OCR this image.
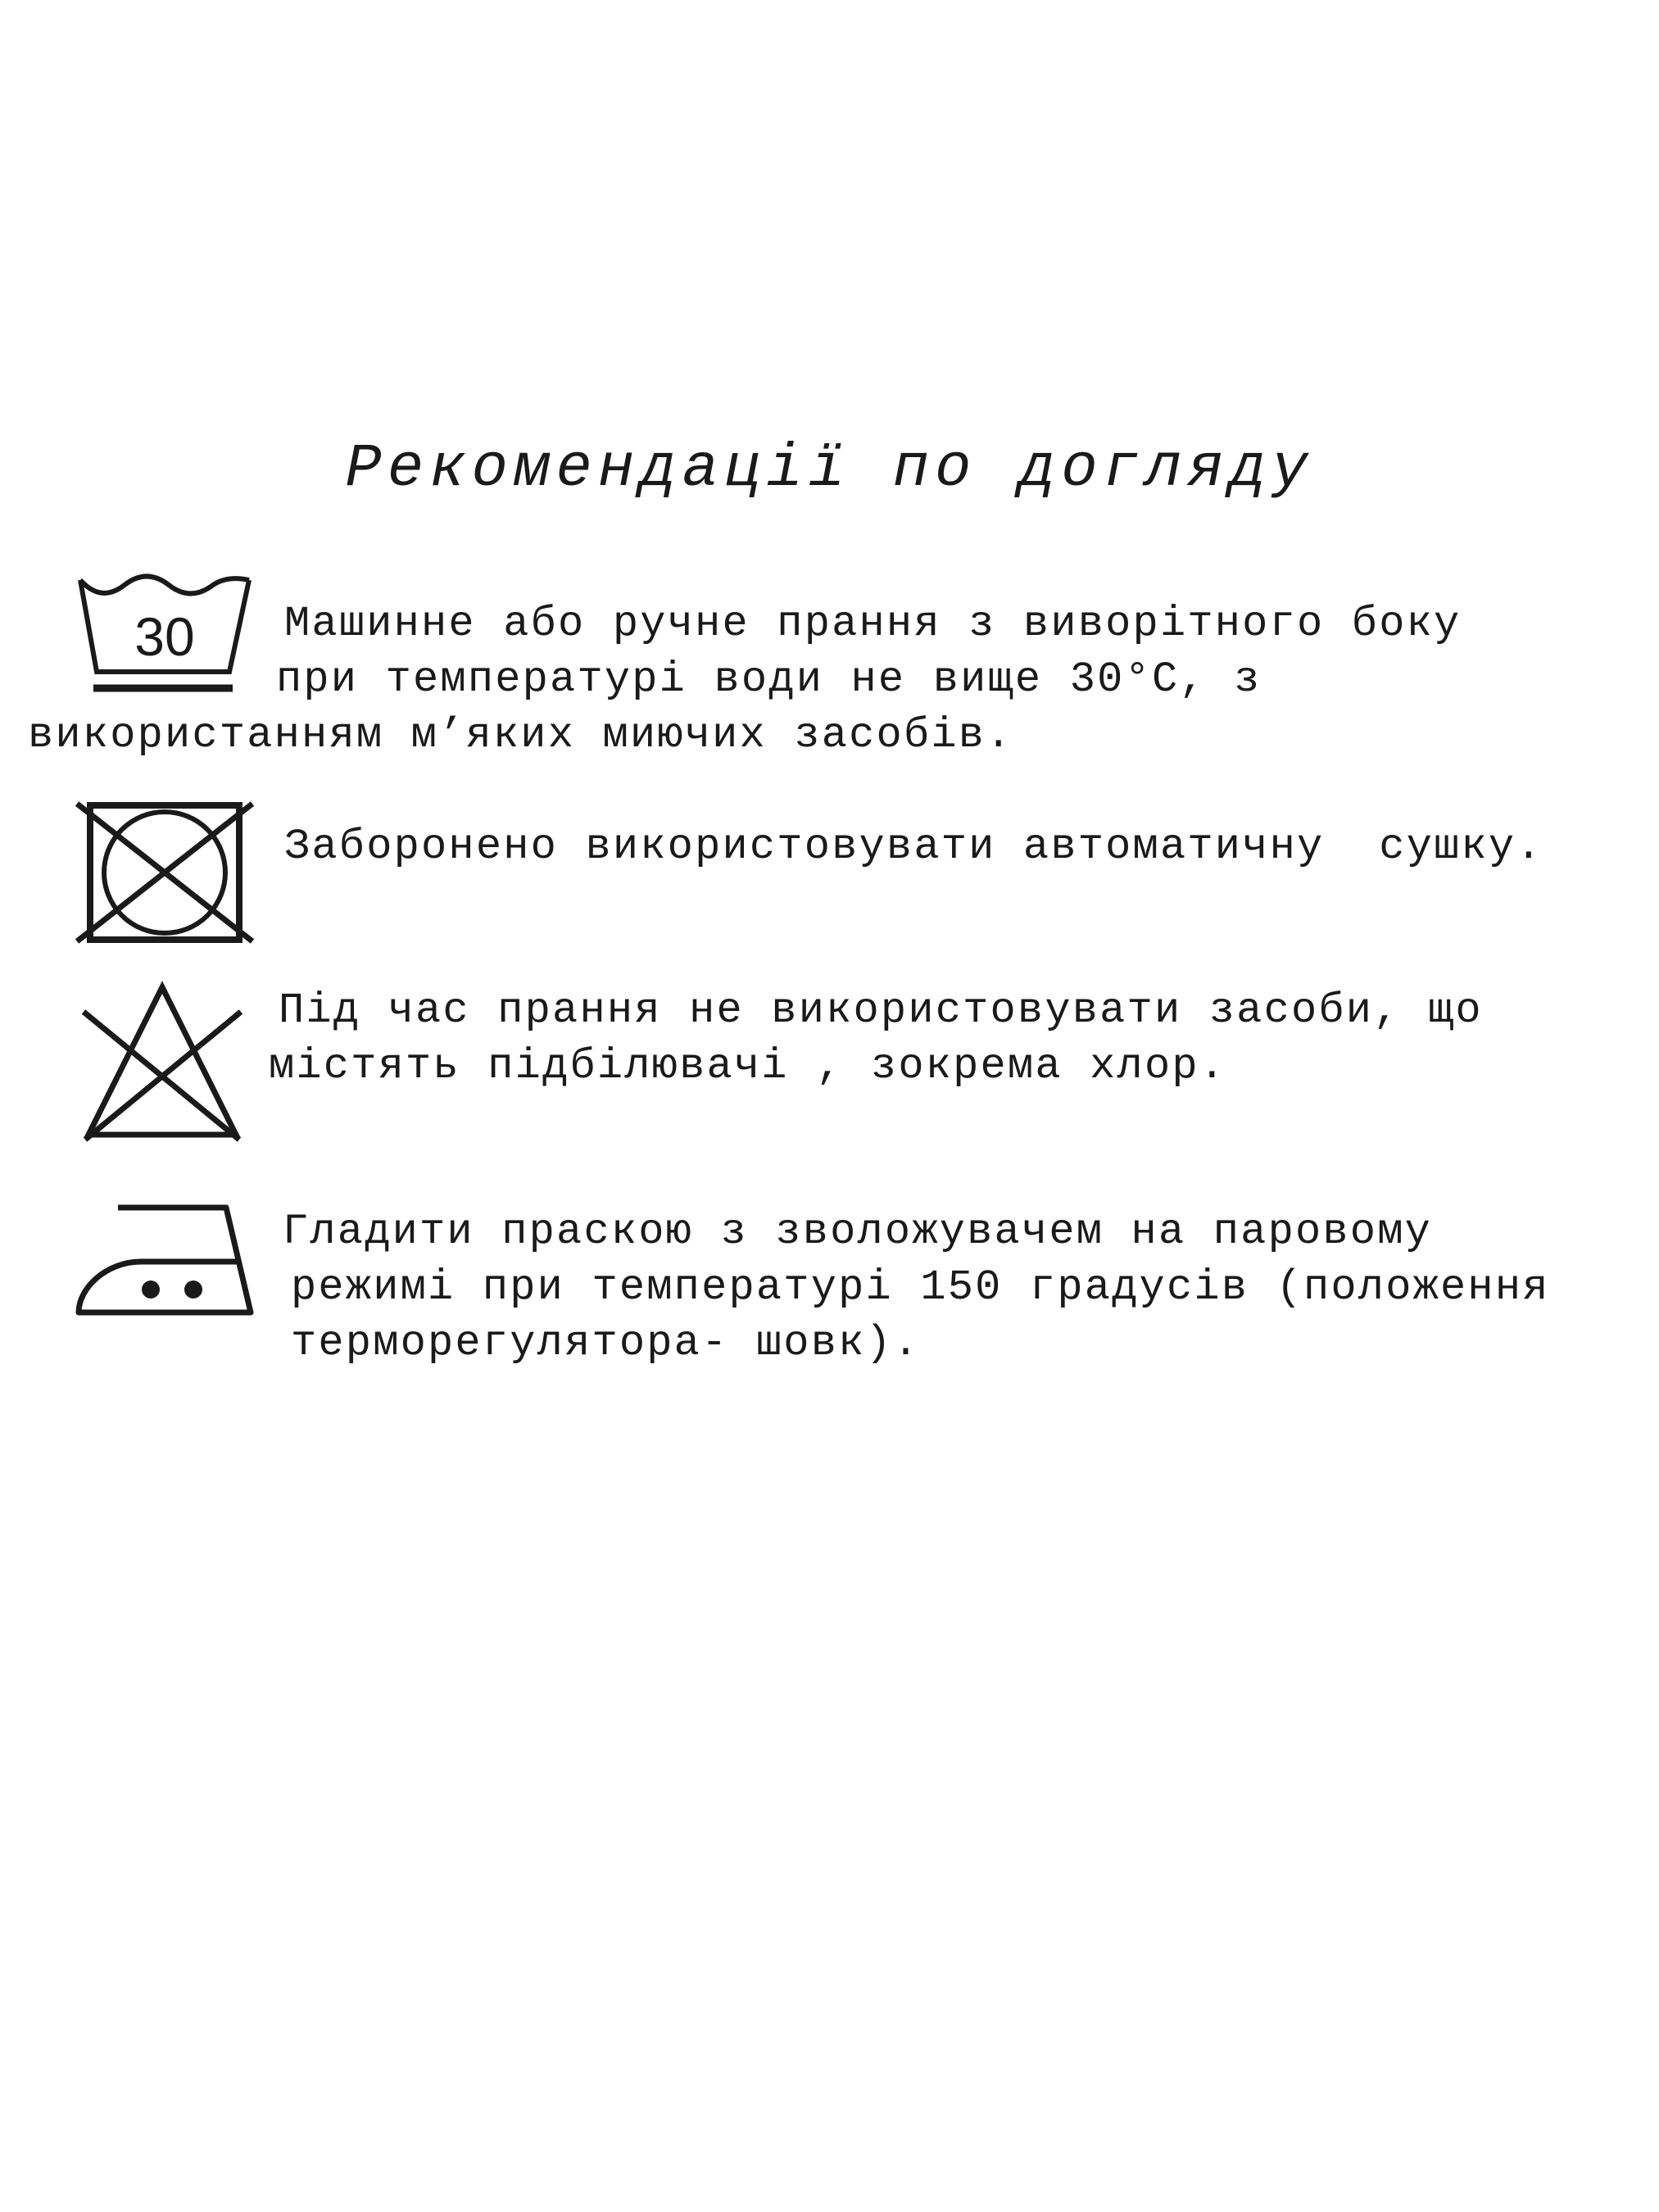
Рекомендації по догляду
30 Машинне або ручне прання з виворітного боку
при температурі води не вище 30°С, з
використанням м’яких миючих засобів.
Заборонено використовувати автоматичну  сушку.
Під час прання не використовувати засоби, що
містять підбілювачі , зокрема хлор.
Гладити праскою з зволожувачем на паровому
режимі при температурі 150 градусів (положення
терморегулятора- шовк).
